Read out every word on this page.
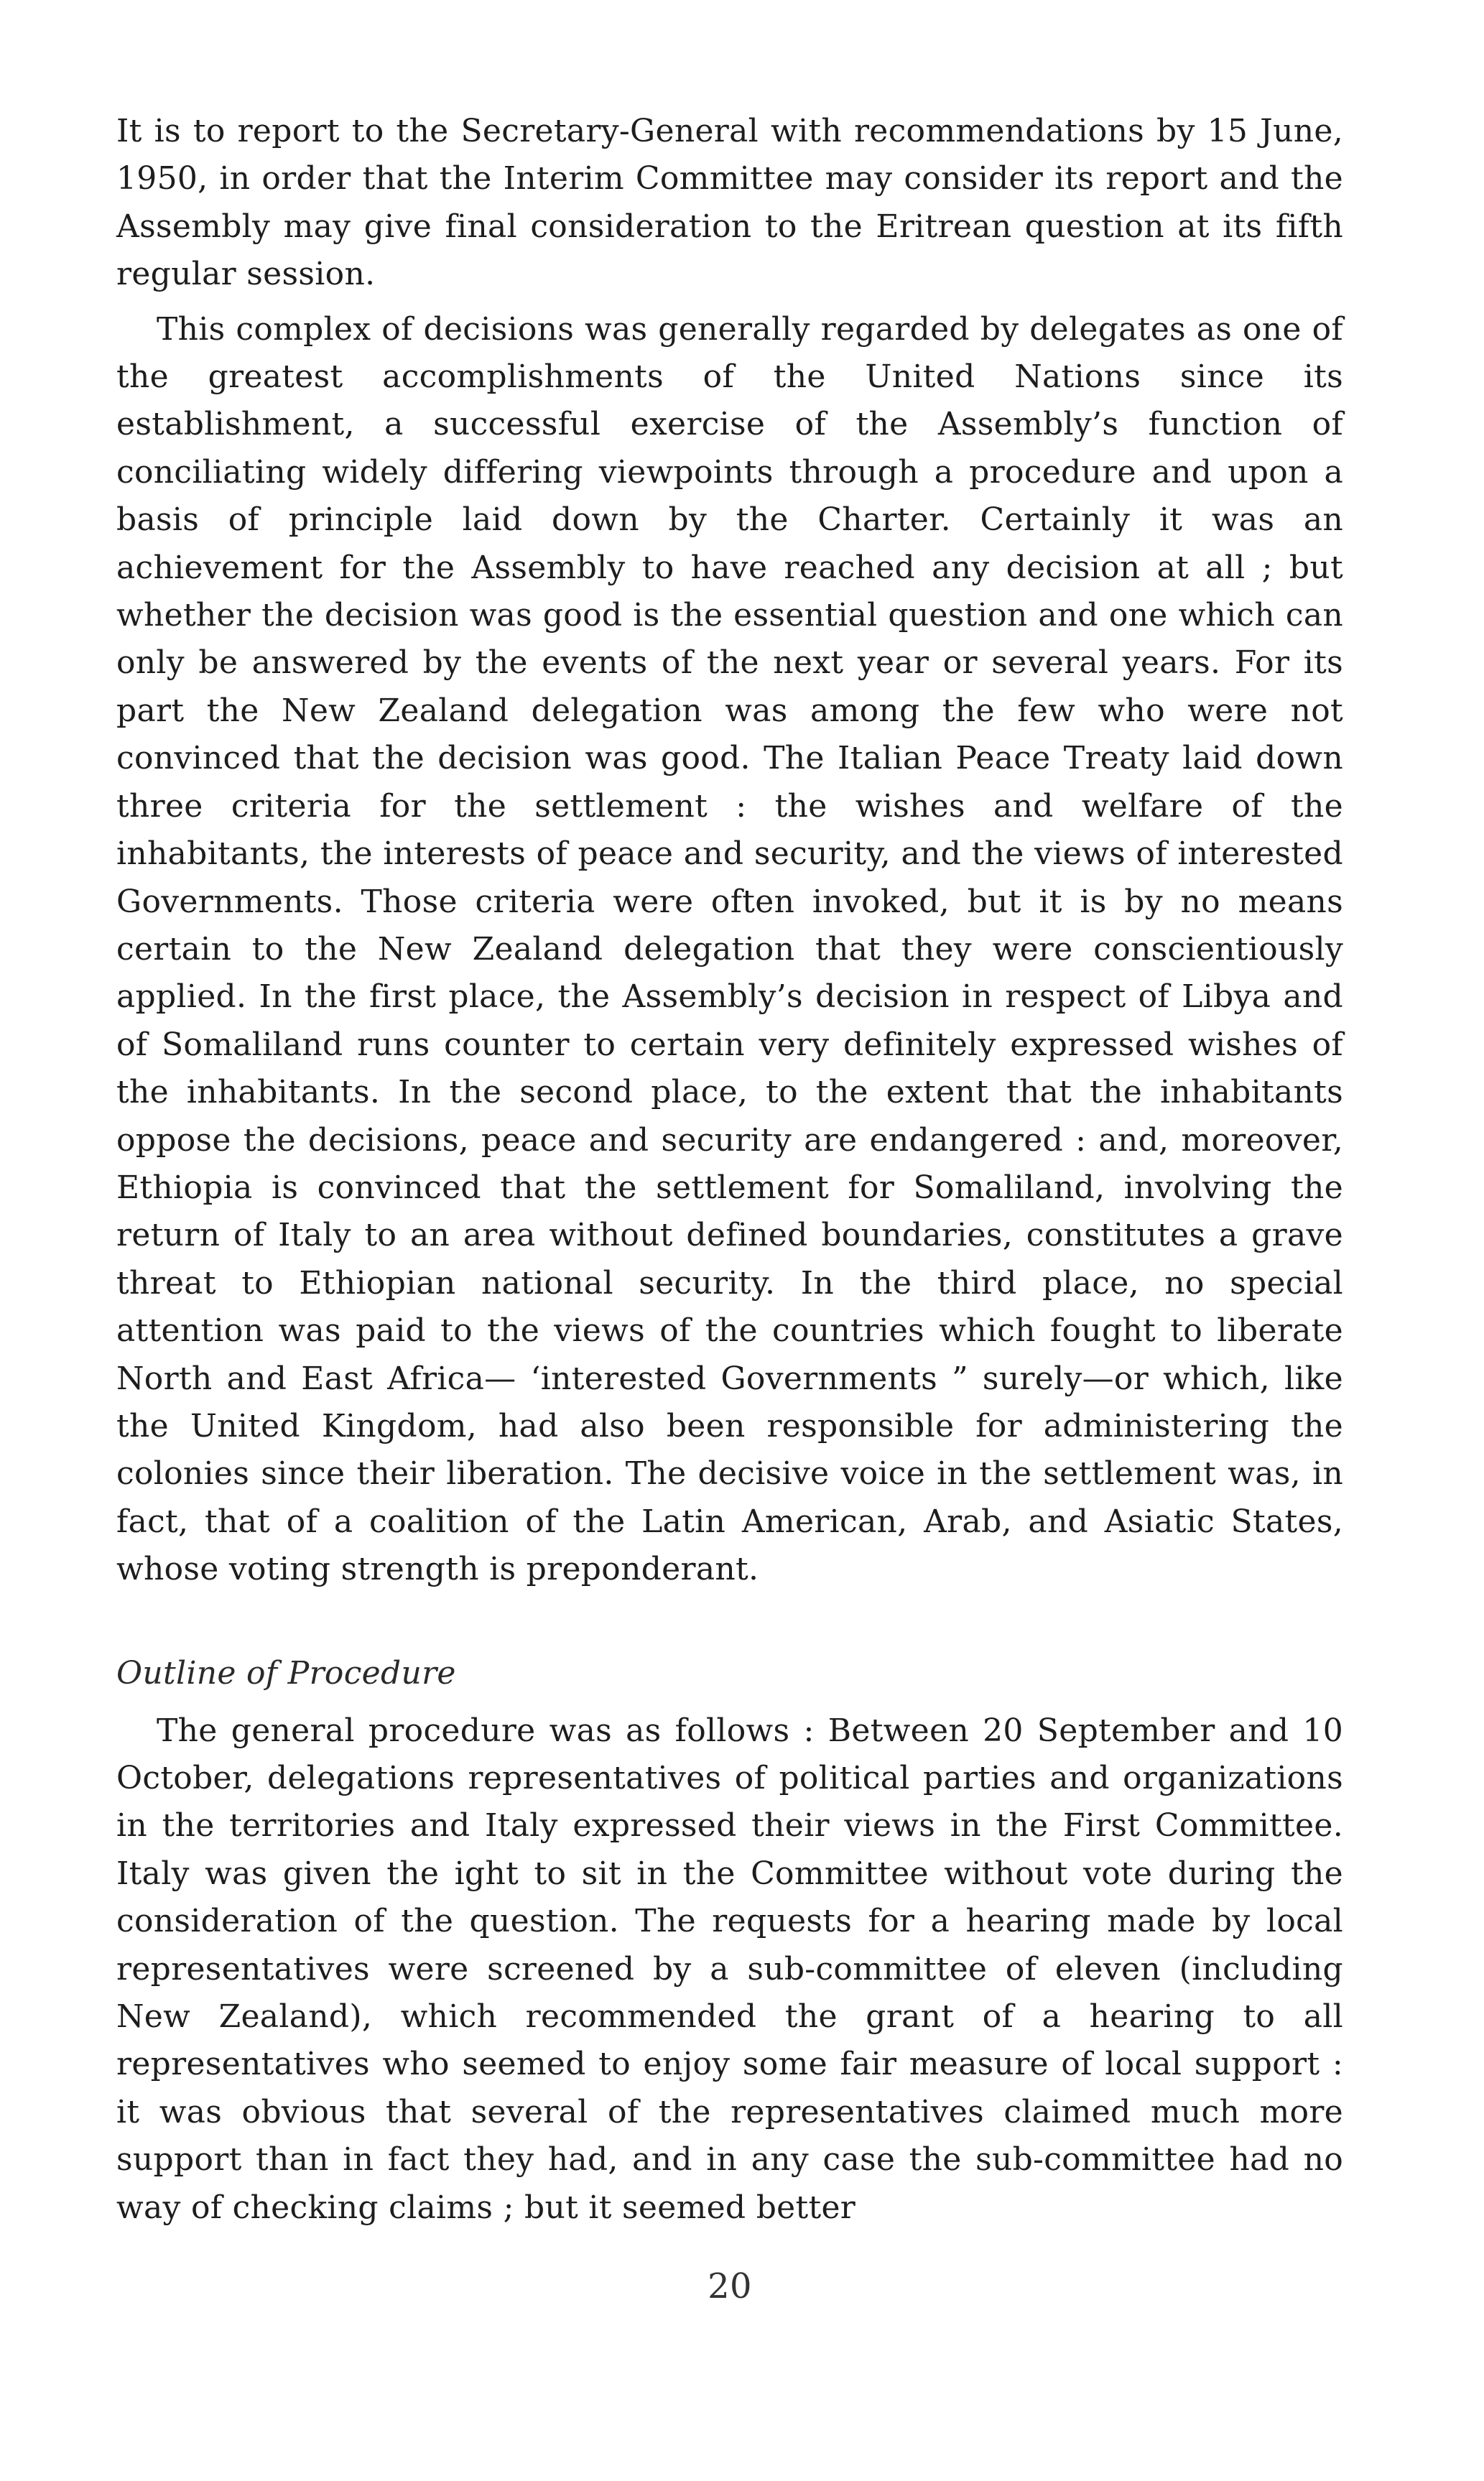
It is to report to the Secretary-General with recommendations by 15 June, 1950, in order that the Interim Committee may consider its report and the Assembly may give final consideration to the Eritrean question at its fifth regular session.

This complex of decisions was generally regarded by delegates as one of the greatest accomplishments of the United Nations since its establishment, a successful exercise of the Assembly’s function of conciliating widely differing viewpoints through a procedure and upon a basis of principle laid down by the Charter. Certainly it was an achievement for the Assembly to have reached any decision at all ; but whether the decision was good is the essential question and one which can only be answered by the events of the next year or several years. For its part the New Zealand delegation was among the few who were not convinced that the decision was good. The Italian Peace Treaty laid down three criteria for the settlement : the wishes and welfare of the inhabitants, the interests of peace and security, and the views of interested Governments. Those criteria were often invoked, but it is by no means certain to the New Zealand delegation that they were conscientiously applied. In the first place, the Assembly’s decision in respect of Libya and of Somaliland runs counter to certain very definitely expressed wishes of the inhabitants. In the second place, to the extent that the inhabitants oppose the decisions, peace and security are endangered : and, moreover, Ethiopia is convinced that the settlement for Somaliland, involving the return of Italy to an area without defined boundaries, constitutes a grave threat to Ethiopian national security. In the third place, no special attention was paid to the views of the countries which fought to liberate North and East Africa— ‘interested Governments ” surely—or which, like the United Kingdom, had also been responsible for administering the colonies since their liberation. The decisive voice in the settlement was, in fact, that of a coalition of the Latin American, Arab, and Asiatic States, whose voting strength is preponderant.

Outline of Procedure

The general procedure was as follows : Between 20 September and 10 October, delegations representatives of political parties and organizations in the territories and Italy expressed their views in the First Committee. Italy was given the ight to sit in the Committee without vote during the consideration of the question. The requests for a hearing made by local representatives were screened by a sub-committee of eleven (including New Zealand), which recommended the grant of a hearing to all representatives who seemed to enjoy some fair measure of local support : it was obvious that several of the representatives claimed much more support than in fact they had, and in any case the sub-committee had no way of checking claims ; but it seemed better

20
